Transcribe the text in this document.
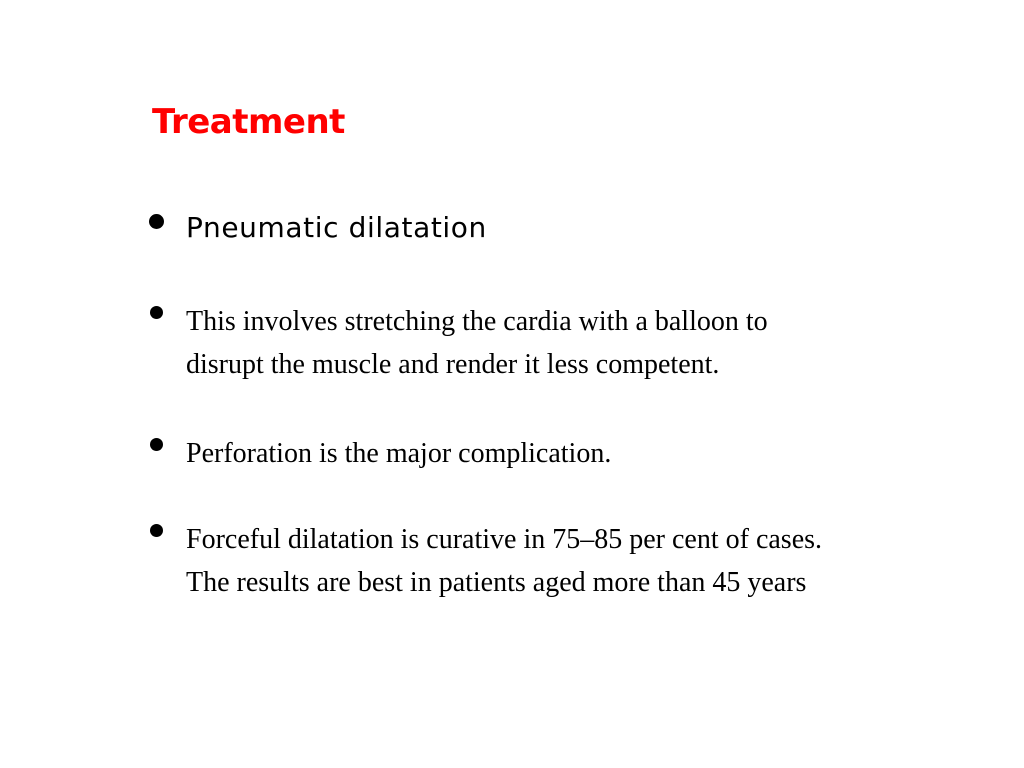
Treatment
Pneumatic dilatation
This involves stretching the cardia with a balloon to
disrupt the muscle and render it less competent.
Perforation is the major complication.
Forceful dilatation is curative in 75–85 per cent of cases.
The results are best in patients aged more than 45 years
